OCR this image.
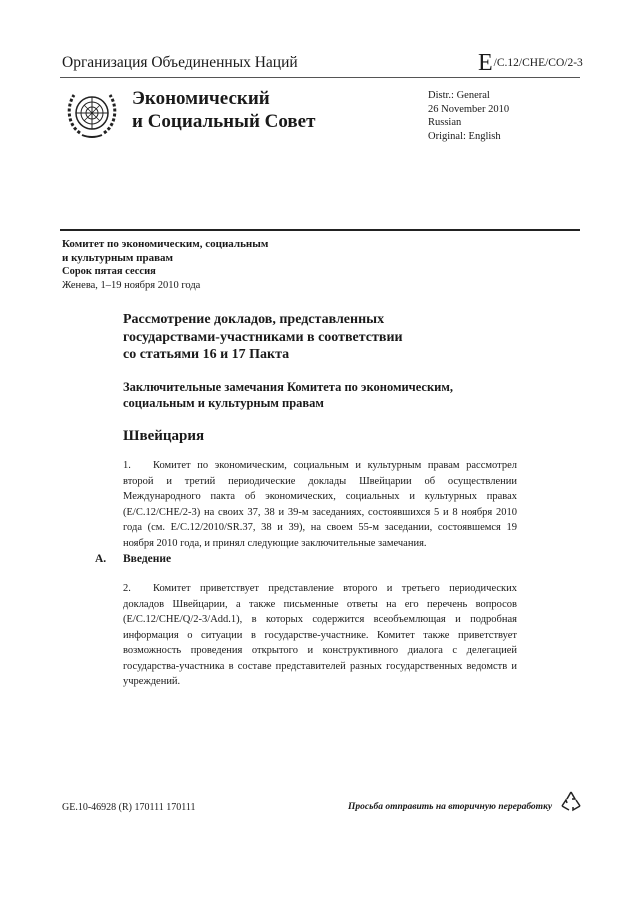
Организация Объединенных Наций	E/C.12/CHE/CO/2-3
Экономический
и Социальный Совет
Distr.: General
26 November 2010
Russian
Original: English
Комитет по экономическим, социальным
и культурным правам
Сорок пятая сессия
Женева, 1–19 ноября 2010 года
Рассмотрение докладов, представленных
государствами-участниками в соответствии
со статьями 16 и 17 Пакта
Заключительные замечания Комитета по экономическим,
социальным и культурным правам
Швейцария
1. Комитет по экономическим, социальным и культурным правам рассмотрел второй и третий периодические доклады Швейцарии об осуществлении Международного пакта об экономических, социальных и культурных правах (E/C.12/CHE/2-3) на своих 37, 38 и 39-м заседаниях, состоявшихся 5 и 8 ноября 2010 года (см. E/C.12/2010/SR.37, 38 и 39), на своем 55-м заседании, состоявшемся 19 ноября 2010 года, и принял следующие заключительные замечания.
A. Введение
2. Комитет приветствует представление второго и третьего периодических докладов Швейцарии, а также письменные ответы на его перечень вопросов (E/C.12/CHE/Q/2-3/Add.1), в которых содержится всеобъемлющая и подробная информация о ситуации в государстве-участнике. Комитет также приветствует возможность проведения открытого и конструктивного диалога с делегацией государства-участника в составе представителей разных государственных ведомств и учреждений.
GE.10-46928 (R) 170111 170111	Просьба отправить на вторичную переработку
